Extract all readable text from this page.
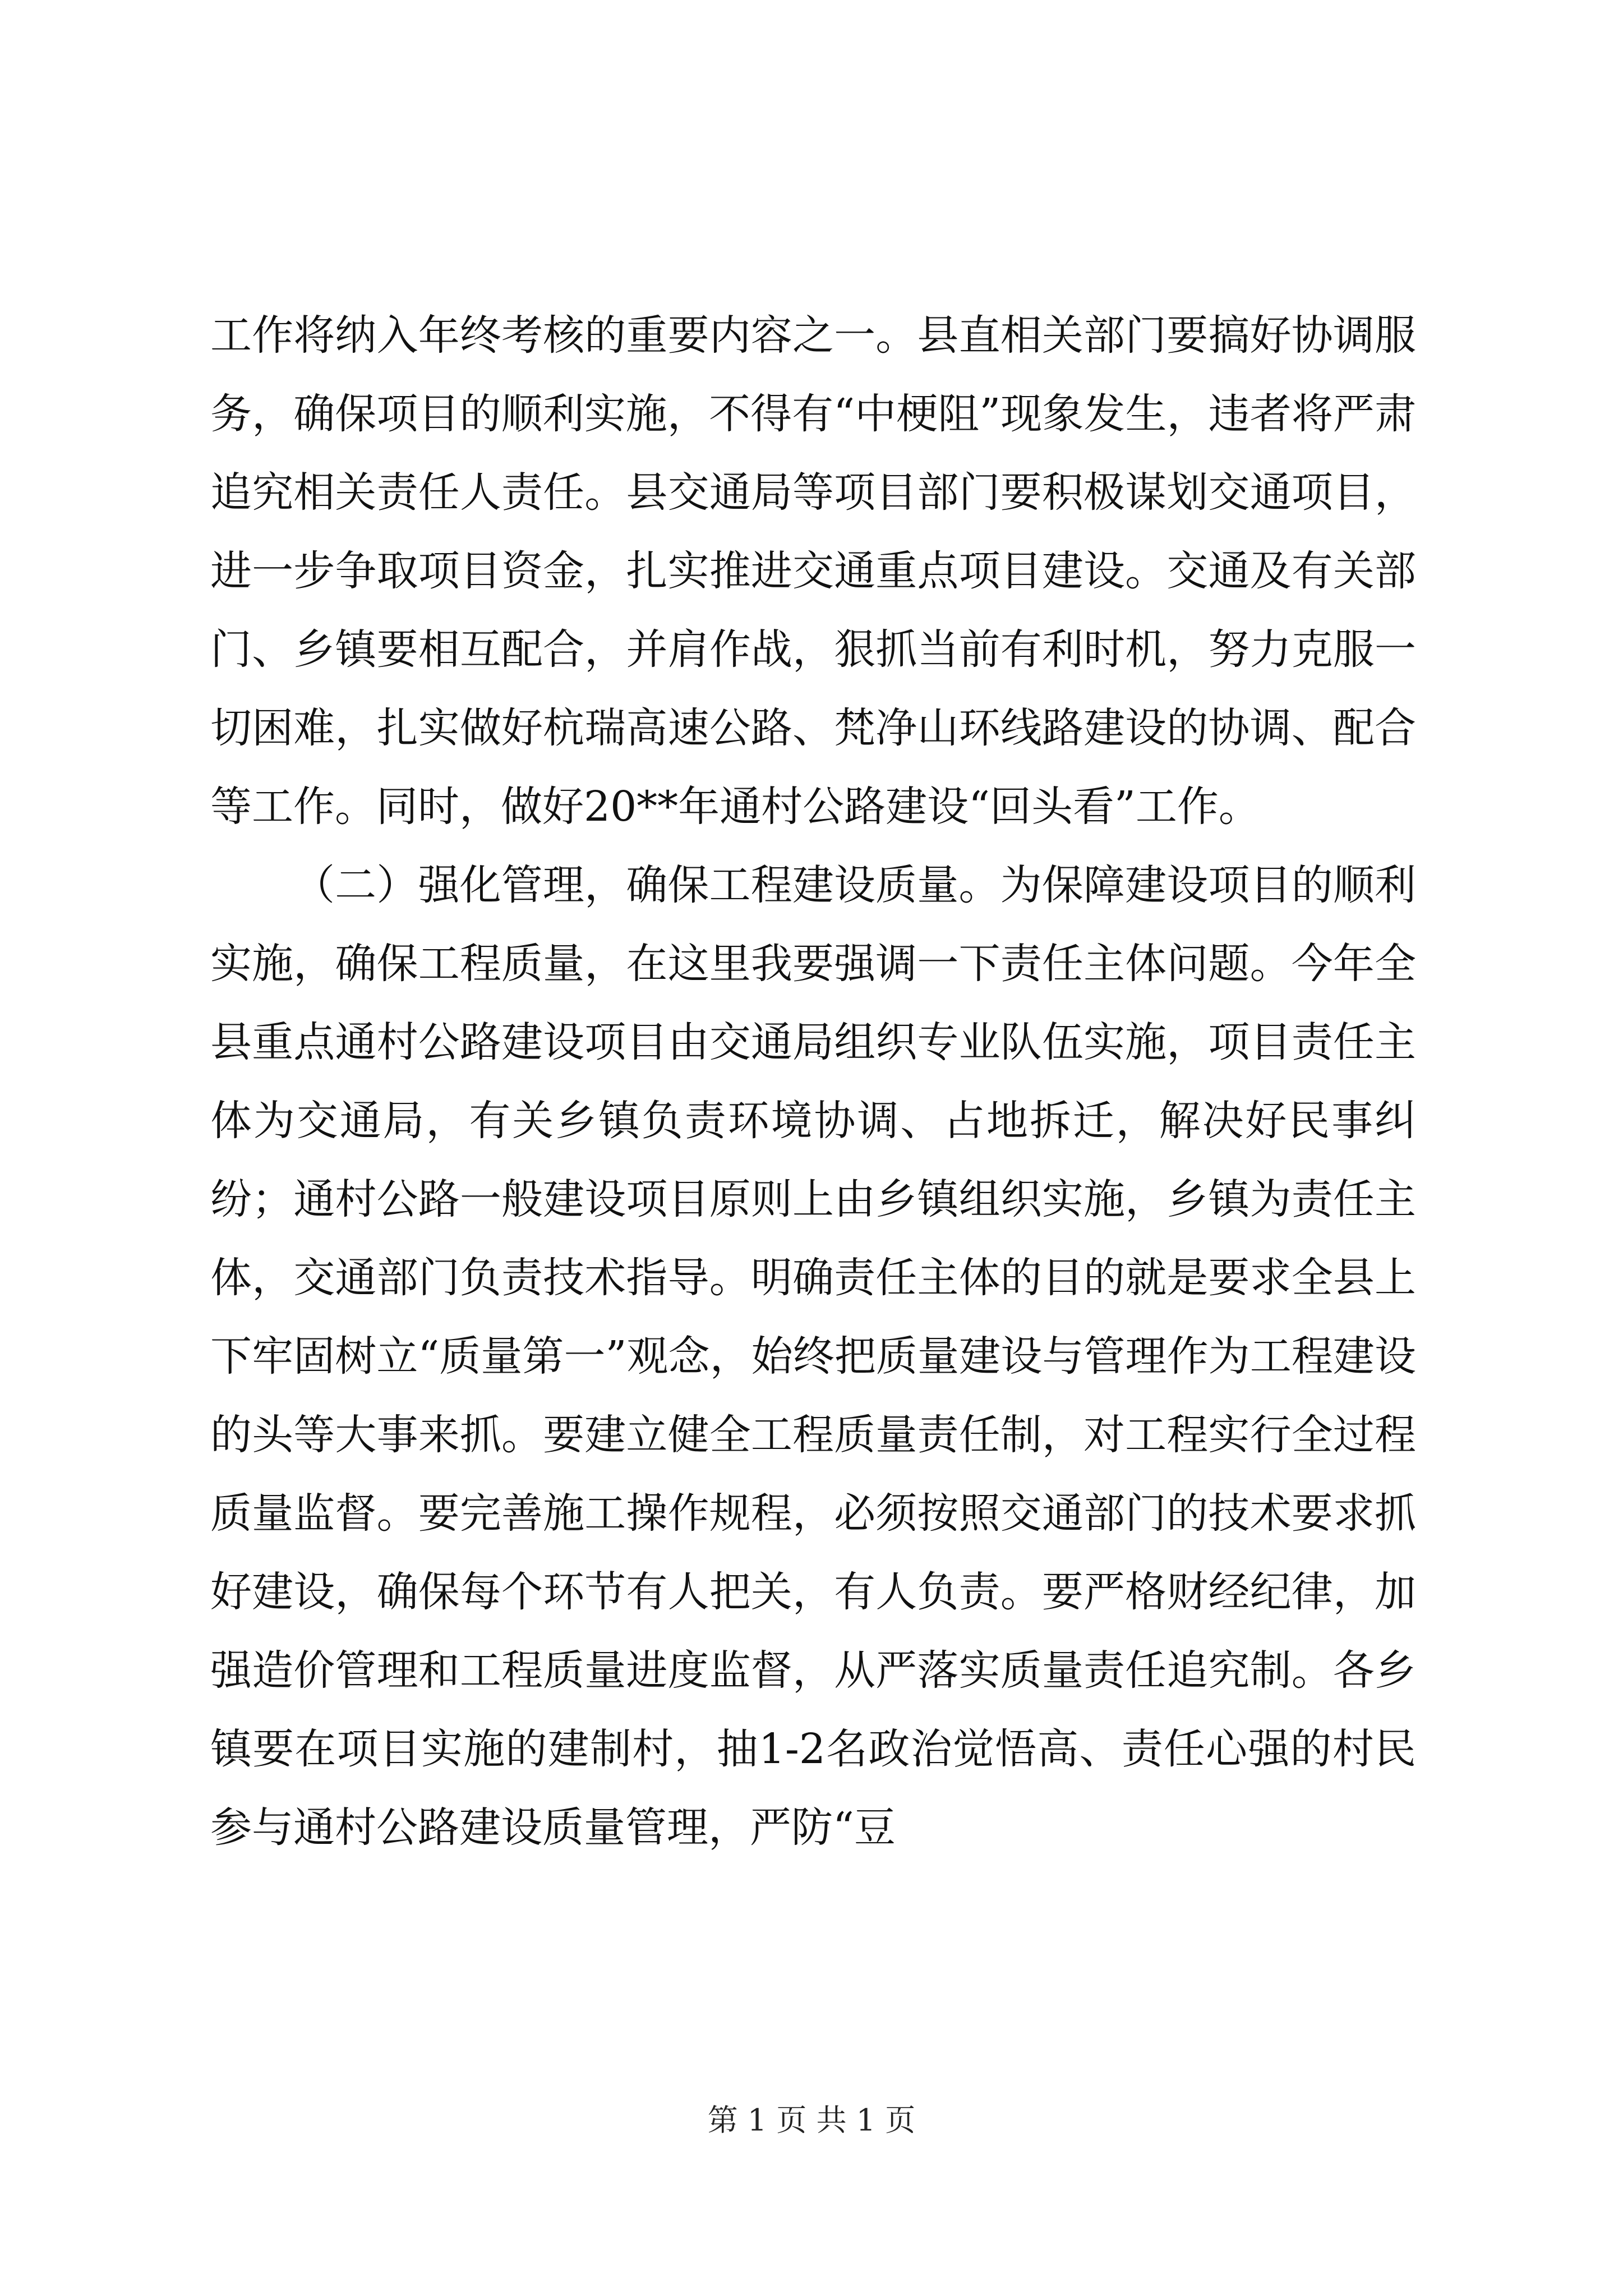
工作将纳入年终考核的重要内容之一。县直相关部门要搞好协调服务，确保项目的顺利实施，不得有“中梗阻”现象发生，违者将严肃追究相关责任人责任。县交通局等项目部门要积极谋划交通项目，进一步争取项目资金，扎实推进交通重点项目建设。交通及有关部门、乡镇要相互配合，并肩作战，狠抓当前有利时机，努力克服一切困难，扎实做好杭瑞高速公路、梵净山环线路建设的协调、配合等工作。同时，做好20**年通村公路建设“回头看”工作。

（二）强化管理，确保工程建设质量。为保障建设项目的顺利实施，确保工程质量，在这里我要强调一下责任主体问题。今年全县重点通村公路建设项目由交通局组织专业队伍实施，项目责任主体为交通局，有关乡镇负责环境协调、占地拆迁，解决好民事纠纷；通村公路一般建设项目原则上由乡镇组织实施，乡镇为责任主体，交通部门负责技术指导。明确责任主体的目的就是要求全县上下牢固树立“质量第一”观念，始终把质量建设与管理作为工程建设的头等大事来抓。要建立健全工程质量责任制，对工程实行全过程质量监督。要完善施工操作规程，必须按照交通部门的技术要求抓好建设，确保每个环节有人把关，有人负责。要严格财经纪律，加强造价管理和工程质量进度监督，从严落实质量责任追究制。各乡镇要在项目实施的建制村，抽1-2名政治觉悟高、责任心强的村民参与通村公路建设质量管理，严防“豆

第 1 页 共 1 页
